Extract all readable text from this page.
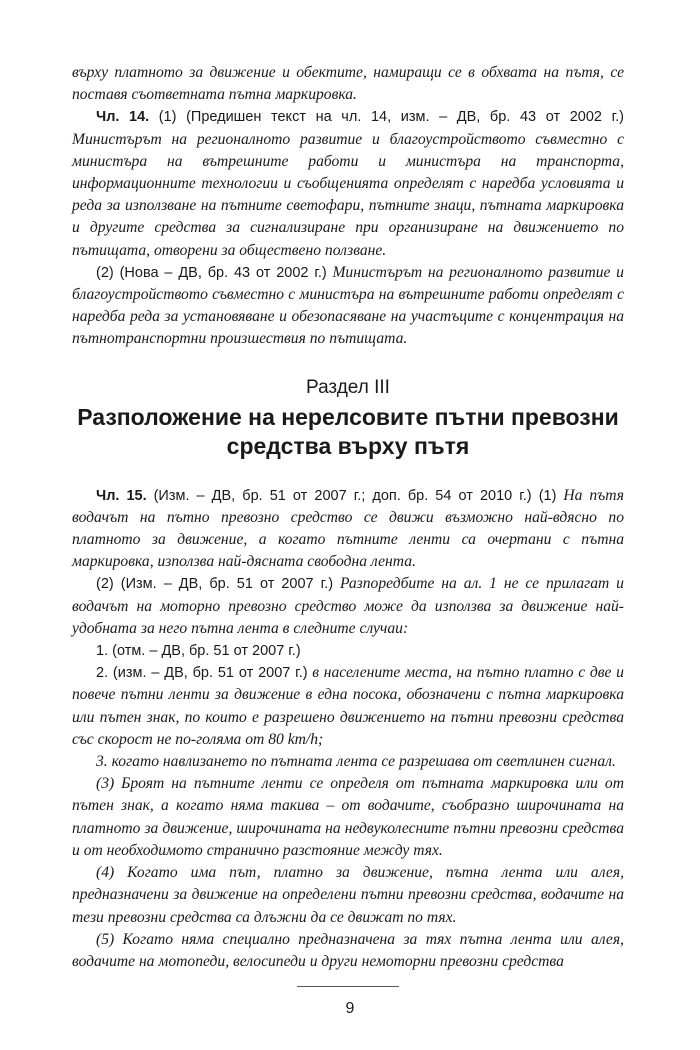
върху платното за движение и обектите, намиращи се в обхвата на пътя, се поставя съответната пътна маркировка.

Чл. 14. (1) (Предишен текст на чл. 14, изм. – ДВ, бр. 43 от 2002 г.) Министърът на регионалното развитие и благоустройството съвместно с министъра на вътрешните работи и министъра на транспорта, информационните технологии и съобщенията определят с наредба условията и реда за използване на пътните светофари, пътните знаци, пътната маркировка и другите средства за сигнализиране при организиране на движението по пътищата, отворени за обществено ползване.

(2) (Нова – ДВ, бр. 43 от 2002 г.) Министърът на регионалното развитие и благоустройството съвместно с министъра на вътрешните работи определят с наредба реда за установяване и обезопасяване на участъците с концентрация на пътнотранспортни произшествия по пътищата.

Раздел III
Разположение на нерелсовите пътни превозни средства върху пътя

Чл. 15. (Изм. – ДВ, бр. 51 от 2007 г.; доп. бр. 54 от 2010 г.) (1) На пътя водачът на пътно превозно средство се движи възможно най-вдясно по платното за движение, а когато пътните ленти са очертани с пътна маркировка, използва най-дясната свободна лента.

(2) (Изм. – ДВ, бр. 51 от 2007 г.) Разпоредбите на ал. 1 не се прилагат и водачът на моторно превозно средство може да използва за движение най-удобната за него пътна лента в следните случаи:

1. (отм. – ДВ, бр. 51 от 2007 г.)

2. (изм. – ДВ, бр. 51 от 2007 г.) в населените места, на пътно платно с две и повече пътни ленти за движение в една посока, обозначени с пътна маркировка или пътен знак, по които е разрешено движението на пътни превозни средства със скорост не по-голяма от 80 km/h;

3. когато навлизането по пътната лента се разрешава от светлинен сигнал.

(3) Броят на пътните ленти се определя от пътната маркировка или от пътен знак, а когато няма такива – от водачите, съобразно широчината на платното за движение, широчината на недвуколесните пътни превозни средства и от необходимото странично разстояние между тях.

(4) Когато има път, платно за движение, пътна лента или алея, предназначени за движение на определени пътни превозни средства, водачите на тези превозни средства са длъжни да се движат по тях.

(5) Когато няма специално предназначена за тях пътна лента или алея, водачите на мотопеди, велосипеди и други немоторни превозни средства

9
